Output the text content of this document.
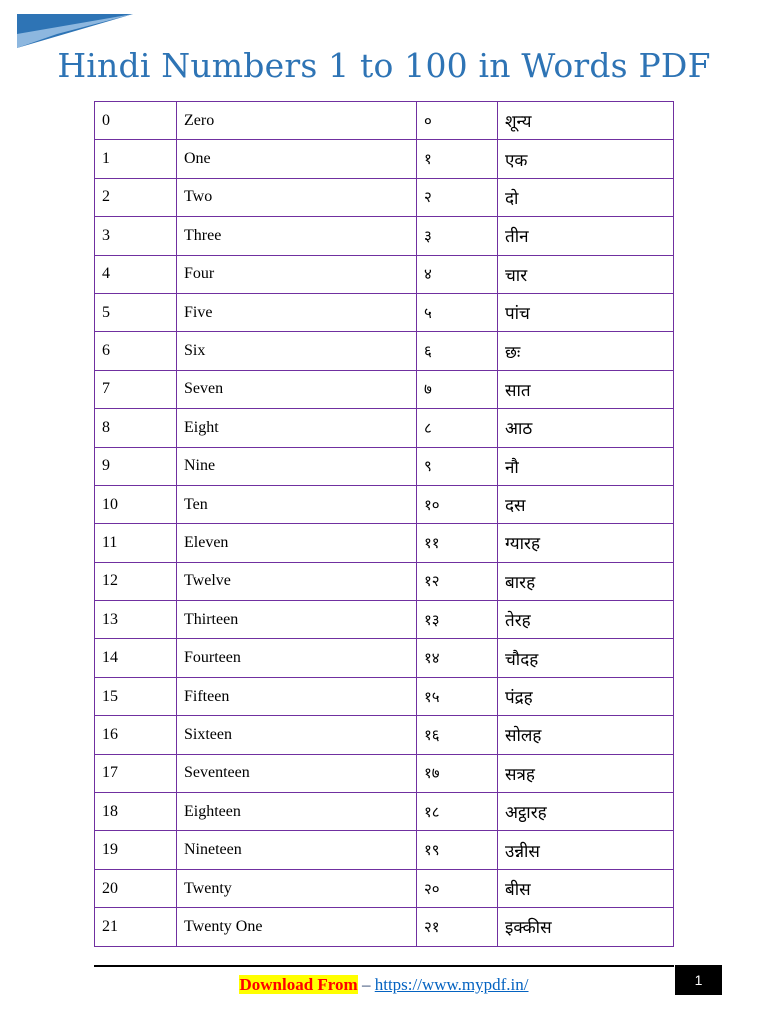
Hindi Numbers 1 to 100 in Words PDF
0	Zero	०	शून्य
1	One	१	एक
2	Two	२	दो
3	Three	३	तीन
4	Four	४	चार
5	Five	५	पांच
6	Six	६	छः
7	Seven	७	सात
8	Eight	८	आठ
9	Nine	९	नौ
10	Ten	१०	दस
11	Eleven	११	ग्यारह
12	Twelve	१२	बारह
13	Thirteen	१३	तेरह
14	Fourteen	१४	चौदह
15	Fifteen	१५	पंद्रह
16	Sixteen	१६	सोलह
17	Seventeen	१७	सत्रह
18	Eighteen	१८	अट्ठारह
19	Nineteen	१९	उन्नीस
20	Twenty	२०	बीस
21	Twenty One	२१	इक्कीस
Download From – https://www.mypdf.in/	1
